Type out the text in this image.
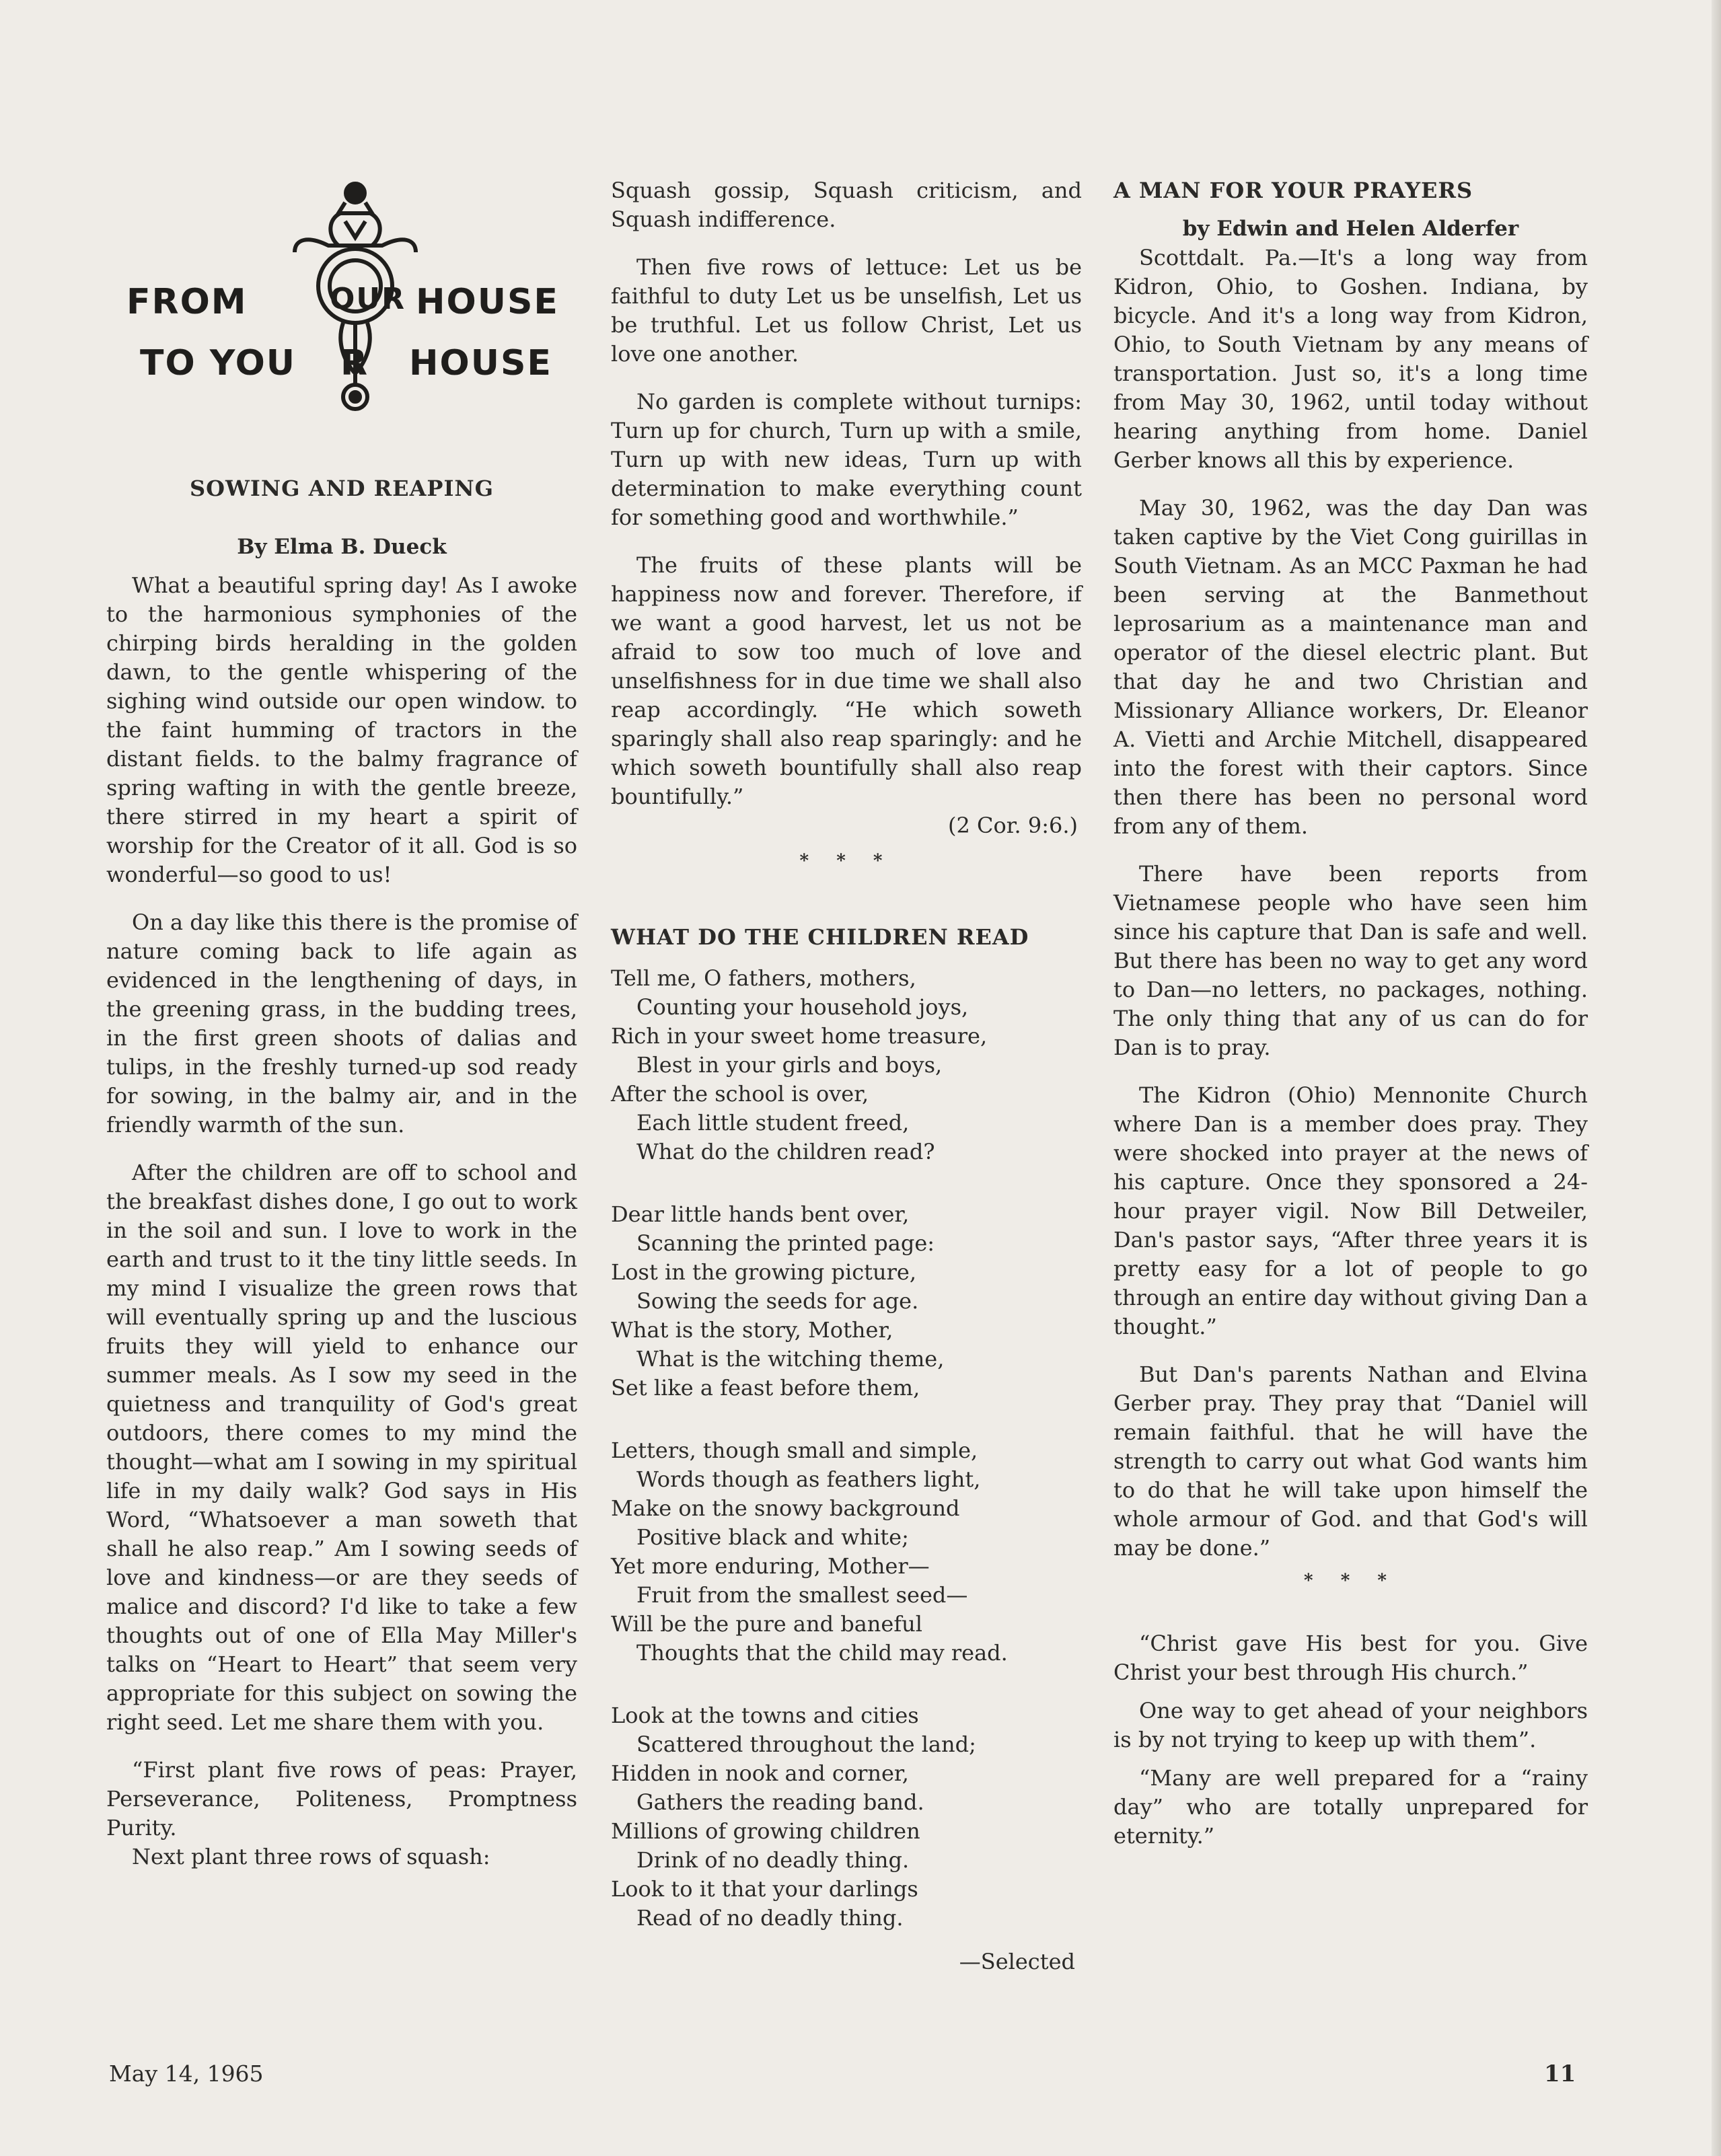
FROM	OUR HOUSE
TO YOU R HOUSE

SOWING AND REAPING

By Elma B. Dueck

What a beautiful spring day! As I awoke to the harmonious symphonies of the chirping birds heralding in the golden dawn, to the gentle whispering of the sighing wind outside our open window. to the faint humming of tractors in the distant fields. to the balmy fragrance of spring wafting in with the gentle breeze, there stirred in my heart a spirit of worship for the Creator of it all. God is so wonderful—so good to us!

On a day like this there is the promise of nature coming back to life again as evidenced in the lengthening of days, in the greening grass, in the budding trees, in the first green shoots of dalias and tulips, in the freshly turned-up sod ready for sowing, in the balmy air, and in the friendly warmth of the sun.

After the children are off to school and the breakfast dishes done, I go out to work in the soil and sun. I love to work in the earth and trust to it the tiny little seeds. In my mind I visualize the green rows that will eventually spring up and the luscious fruits they will yield to enhance our summer meals. As I sow my seed in the quietness and tranquility of God's great outdoors, there comes to my mind the thought—what am I sowing in my spiritual life in my daily walk? God says in His Word, “Whatsoever a man soweth that shall he also reap.” Am I sowing seeds of love and kindness—or are they seeds of malice and discord? I'd like to take a few thoughts out of one of Ella May Miller's talks on “Heart to Heart” that seem very appropriate for this subject on sowing the right seed. Let me share them with you.

“First plant five rows of peas: Prayer, Perseverance, Politeness, Promptness Purity.

Next plant three rows of squash:

Squash gossip, Squash criticism, and Squash indifference.

Then five rows of lettuce: Let us be faithful to duty Let us be unselfish, Let us be truthful. Let us follow Christ, Let us love one another.

No garden is complete without turnips: Turn up for church, Turn up with a smile, Turn up with new ideas, Turn up with determination to make everything count for something good and worthwhile.”

The fruits of these plants will be happiness now and forever. Therefore, if we want a good harvest, let us not be afraid to sow too much of love and unselfishness for in due time we shall also reap accordingly. “He which soweth sparingly shall also reap sparingly: and he which soweth bountifully shall also reap bountifully.”

(2 Cor. 9:6.)

* * *

WHAT DO THE CHILDREN READ

Tell me, O fathers, mothers,

Counting your household joys,

Rich in your sweet home treasure,

Blest in your girls and boys,

After the school is over,

Each little student freed,

What do the children read?

Dear little hands bent over,

Scanning the printed page:

Lost in the growing picture,

Sowing the seeds for age.

What is the story, Mother,

What is the witching theme,

Set like a feast before them,

Letters, though small and simple,

Words though as feathers light,

Make on the snowy background

Positive black and white;

Yet more enduring, Mother—

Fruit from the smallest seed—

Will be the pure and baneful

Thoughts that the child may read.

Look at the towns and cities

Scattered throughout the land;

Hidden in nook and corner,

Gathers the reading band.

Millions of growing children

Drink of no deadly thing.

Look to it that your darlings

Read of no deadly thing.

—Selected

A MAN FOR YOUR PRAYERS

by Edwin and Helen Alderfer

Scottdalt. Pa.—It's a long way from Kidron, Ohio, to Goshen. Indiana, by bicycle. And it's a long way from Kidron, Ohio, to South Vietnam by any means of transportation. Just so, it's a long time from May 30, 1962, until today without hearing anything from home. Daniel Gerber knows all this by experience.

May 30, 1962, was the day Dan was taken captive by the Viet Cong guirillas in South Vietnam. As an MCC Paxman he had been serving at the Banmethout leprosarium as a maintenance man and operator of the diesel electric plant. But that day he and two Christian and Missionary Alliance workers, Dr. Eleanor A. Vietti and Archie Mitchell, disappeared into the forest with their captors. Since then there has been no personal word from any of them.

There have been reports from Vietnamese people who have seen him since his capture that Dan is safe and well. But there has been no way to get any word to Dan—no letters, no packages, nothing. The only thing that any of us can do for Dan is to pray.

The Kidron (Ohio) Mennonite Church where Dan is a member does pray. They were shocked into prayer at the news of his capture. Once they sponsored a 24-hour prayer vigil. Now Bill Detweiler, Dan's pastor says, “After three years it is pretty easy for a lot of people to go through an entire day without giving Dan a thought.”

But Dan's parents Nathan and Elvina Gerber pray. They pray that “Daniel will remain faithful. that he will have the strength to carry out what God wants him to do that he will take upon himself the whole armour of God. and that God's will may be done.”

* * *

“Christ gave His best for you. Give Christ your best through His church.”

One way to get ahead of your neighbors is by not trying to keep up with them”.

“Many are well prepared for a “rainy day” who are totally unprepared for eternity.”

May 14, 1965	11
